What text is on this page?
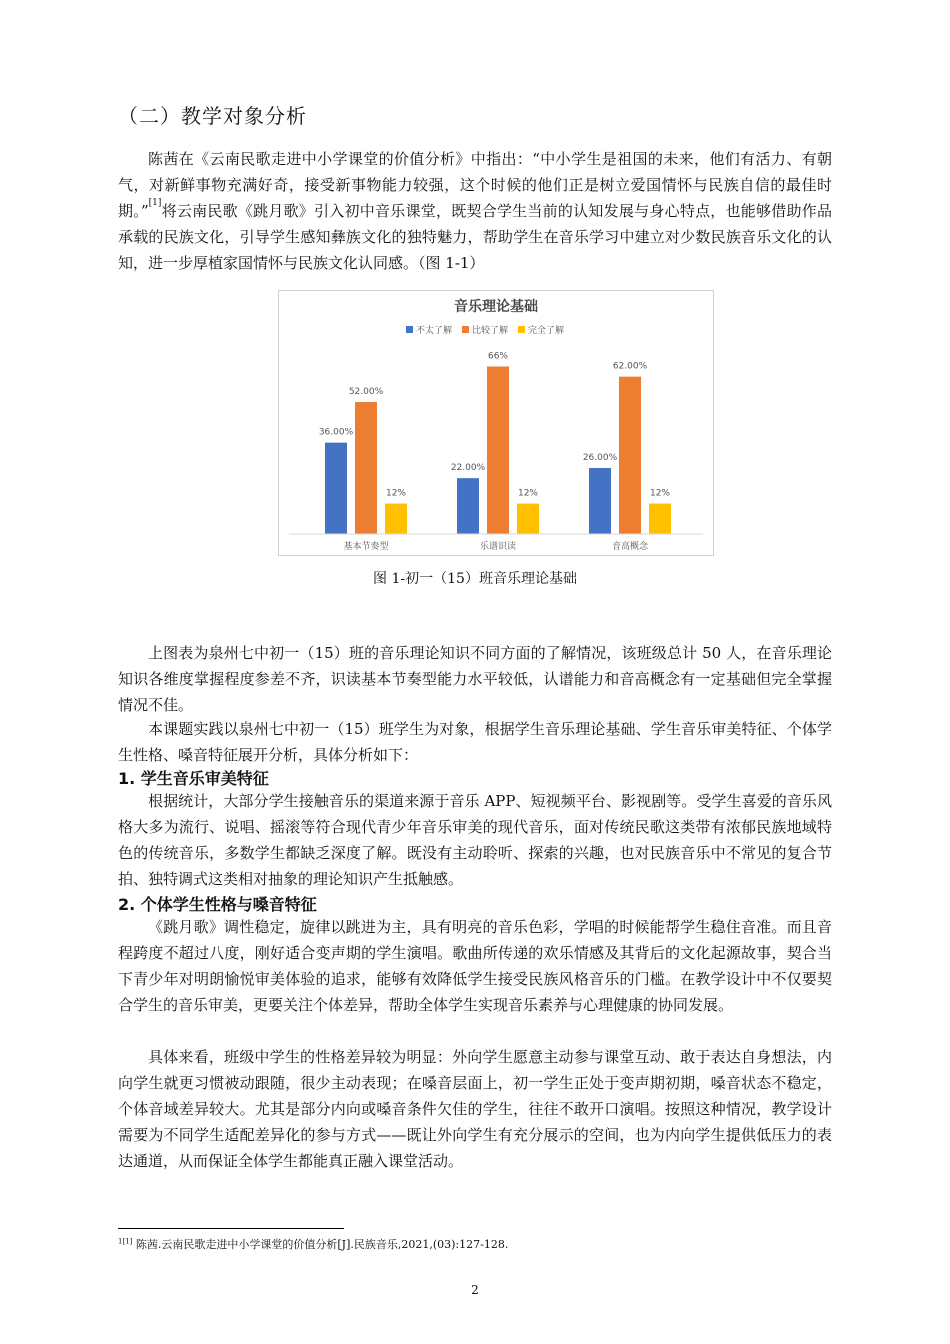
（二）教学对象分析

陈茜在《云南民歌走进中小学课堂的价值分析》中指出：“中小学生是祖国的未来，他们有活力、有朝气，对新鲜事物充满好奇，接受新事物能力较强，这个时候的他们正是树立爱国情怀与民族自信的最佳时期。”[1]将云南民歌《跳月歌》引入初中音乐课堂，既契合学生当前的认知发展与身心特点，也能够借助作品承载的民族文化，引导学生感知彝族文化的独特魅力，帮助学生在音乐学习中建立对少数民族音乐文化的认知，进一步厚植家国情怀与民族文化认同感。（图 1-1）

音乐理论基础
不太了解 比较了解 完全了解
36.00%
52.00%
12%
22.00%
66%
12%
26.00%
62.00%
12%
基本节奏型	乐谱识读	音高概念
图 1-初一（15）班音乐理论基础

上图表为泉州七中初一（15）班的音乐理论知识不同方面的了解情况，该班级总计 50 人，在音乐理论知识各维度掌握程度参差不齐，识读基本节奏型能力水平较低，认谱能力和音高概念有一定基础但完全掌握情况不佳。

本课题实践以泉州七中初一（15）班学生为对象，根据学生音乐理论基础、学生音乐审美特征、个体学生性格、嗓音特征展开分析，具体分析如下：

1. 学生音乐审美特征

根据统计，大部分学生接触音乐的渠道来源于音乐 APP、短视频平台、影视剧等。受学生喜爱的音乐风格大多为流行、说唱、摇滚等符合现代青少年音乐审美的现代音乐，面对传统民歌这类带有浓郁民族地域特色的传统音乐，多数学生都缺乏深度了解。既没有主动聆听、探索的兴趣，也对民族音乐中不常见的复合节拍、独特调式这类相对抽象的理论知识产生抵触感。

2. 个体学生性格与嗓音特征

《跳月歌》调性稳定，旋律以跳进为主，具有明亮的音乐色彩，学唱的时候能帮学生稳住音准。而且音程跨度不超过八度，刚好适合变声期的学生演唱。歌曲所传递的欢乐情感及其背后的文化起源故事，契合当下青少年对明朗愉悦审美体验的追求，能够有效降低学生接受民族风格音乐的门槛。在教学设计中不仅要契合学生的音乐审美，更要关注个体差异，帮助全体学生实现音乐素养与心理健康的协同发展。

具体来看，班级中学生的性格差异较为明显：外向学生愿意主动参与课堂互动、敢于表达自身想法，内向学生就更习惯被动跟随，很少主动表现；在嗓音层面上，初一学生正处于变声期初期，嗓音状态不稳定，个体音域差异较大。尤其是部分内向或嗓音条件欠佳的学生，往往不敢开口演唱。按照这种情况，教学设计需要为不同学生适配差异化的参与方式——既让外向学生有充分展示的空间，也为内向学生提供低压力的表达通道，从而保证全体学生都能真正融入课堂活动。

$^{1[1]}$ 陈茜.云南民歌走进中小学课堂的价值分析[J].民族音乐,2021,(03):127-128.
2
